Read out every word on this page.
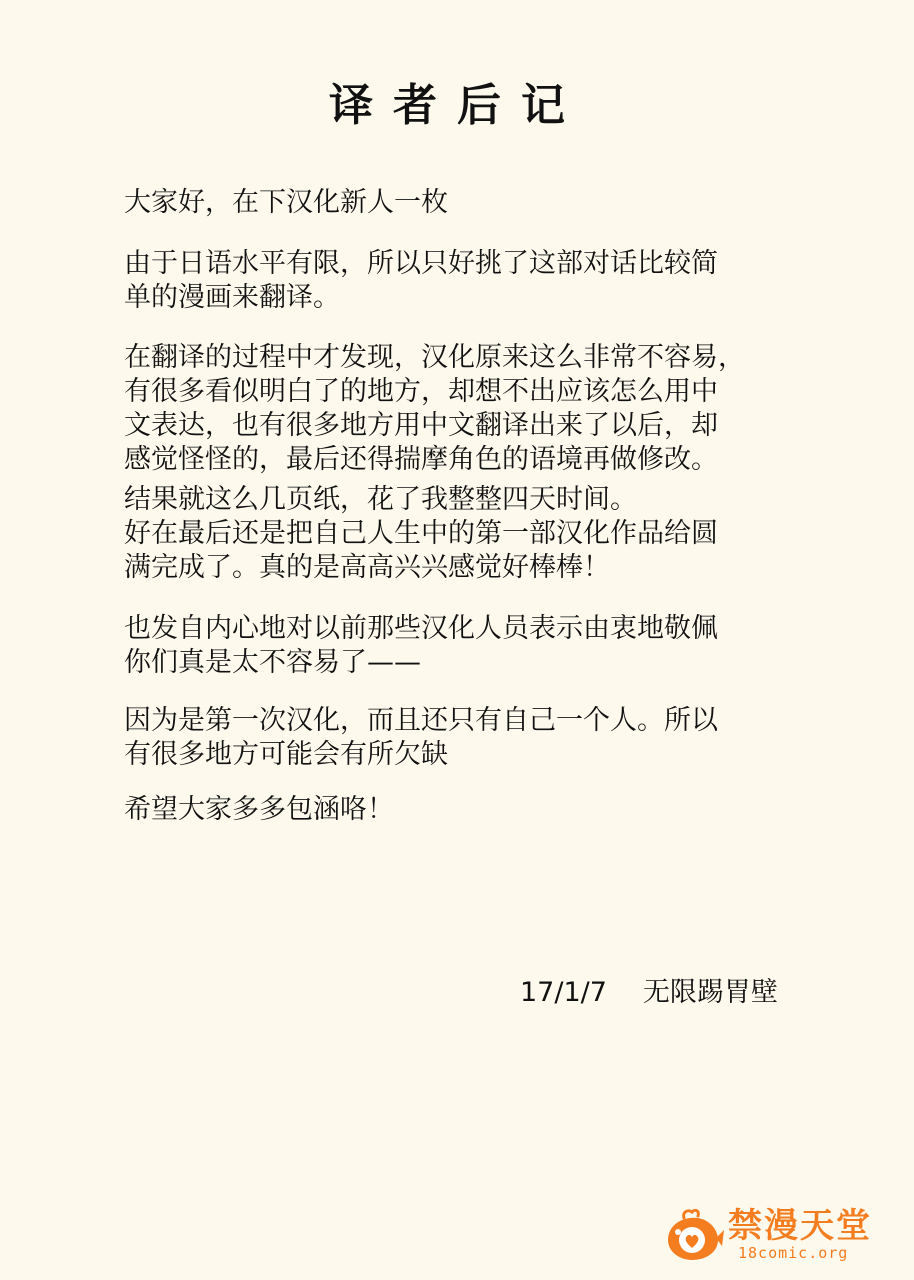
译者后记
大家好，在下汉化新人一枚
由于日语水平有限，所以只好挑了这部对话比较简
单的漫画来翻译。
在翻译的过程中才发现，汉化原来这么非常不容易，
有很多看似明白了的地方，却想不出应该怎么用中
文表达，也有很多地方用中文翻译出来了以后，却
感觉怪怪的，最后还得揣摩角色的语境再做修改。
结果就这么几页纸，花了我整整四天时间。
好在最后还是把自己人生中的第一部汉化作品给圆
满完成了。真的是高高兴兴感觉好棒棒！
也发自内心地对以前那些汉化人员表示由衷地敬佩
你们真是太不容易了——
因为是第一次汉化，而且还只有自己一个人。所以
有很多地方可能会有所欠缺
希望大家多多包涵咯！
17/1/7 无限踢胃壁
禁漫天堂
18comic.org
